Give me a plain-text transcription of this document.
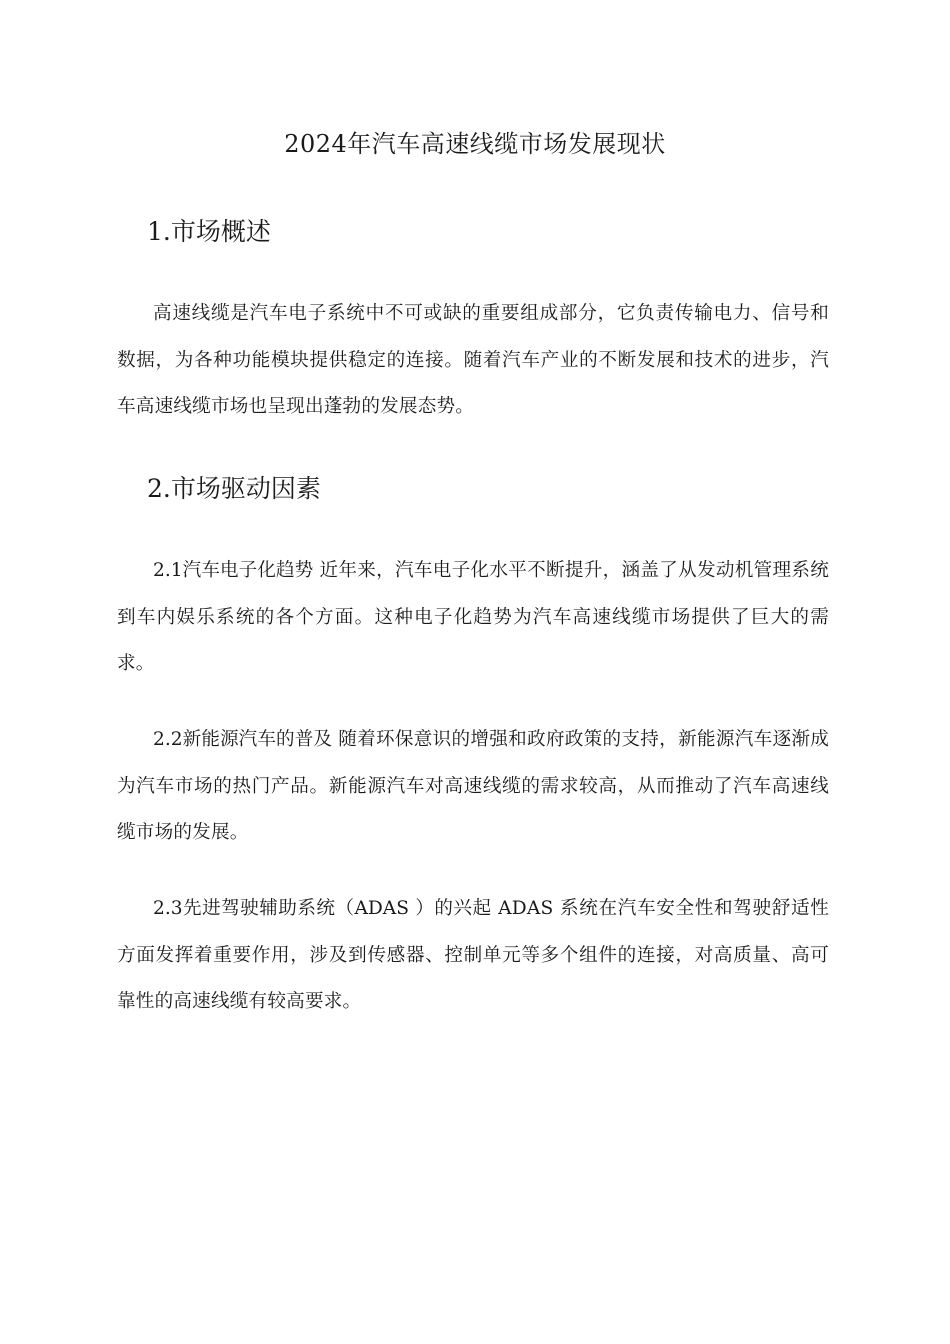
2024年汽车高速线缆市场发展现状
1.市场概述

高速线缆是汽车电子系统中不可或缺的重要组成部分，它负责传输电力、信号和数据，为各种功能模块提供稳定的连接。随着汽车产业的不断发展和技术的进步，汽车高速线缆市场也呈现出蓬勃的发展态势。

2.市场驱动因素

2.1汽车电子化趋势 近年来，汽车电子化水平不断提升，涵盖了从发动机管理系统到车内娱乐系统的各个方面。这种电子化趋势为汽车高速线缆市场提供了巨大的需求。

2.2新能源汽车的普及 随着环保意识的增强和政府政策的支持，新能源汽车逐渐成为汽车市场的热门产品。新能源汽车对高速线缆的需求较高，从而推动了汽车高速线缆市场的发展。

2.3先进驾驶辅助系统（ADAS ）的兴起 ADAS 系统在汽车安全性和驾驶舒适性方面发挥着重要作用，涉及到传感器、控制单元等多个组件的连接，对高质量、高可靠性的高速线缆有较高要求。
